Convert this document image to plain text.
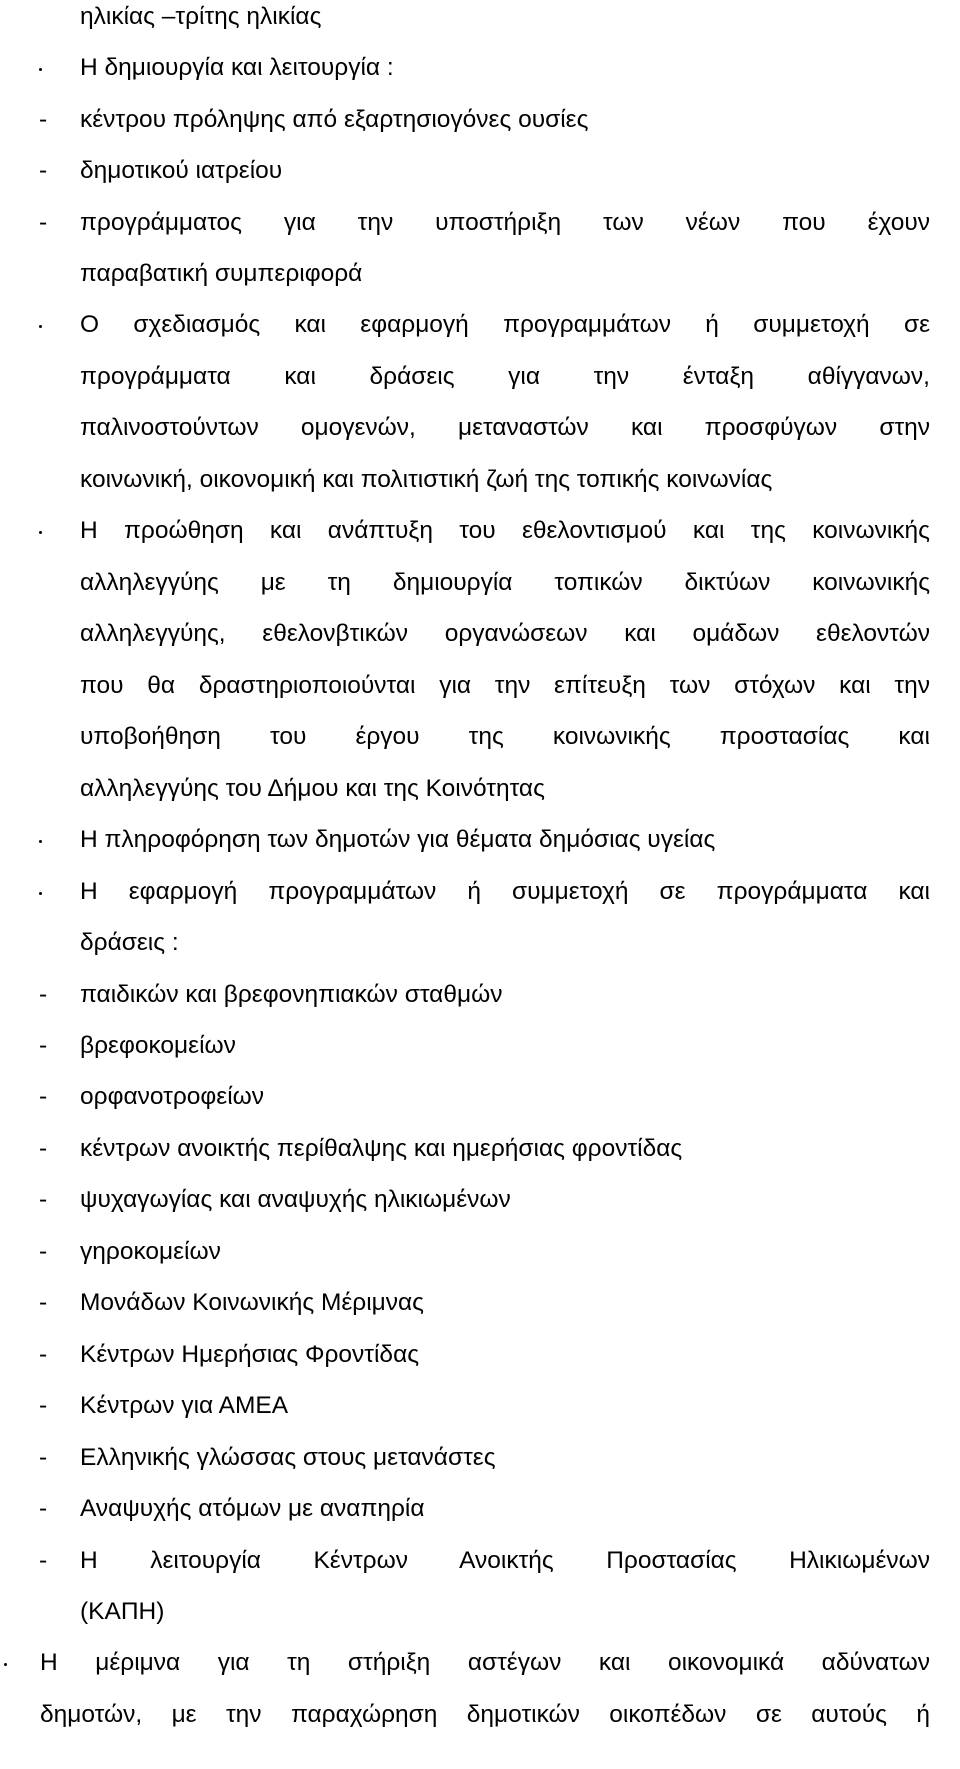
ηλικίας –τρίτης ηλικίας
Η δημιουργία και λειτουργία :
- κέντρου πρόληψης από εξαρτησιογόνες ουσίες
- δημοτικού ιατρείου
- προγράμματος για την υποστήριξη των νέων που έχουν
παραβατική συμπεριφορά
Ο σχεδιασμός και εφαρμογή προγραμμάτων ή συμμετοχή σε
προγράμματα και δράσεις για την ένταξη αθίγγανων,
παλινοστούντων ομογενών, μεταναστών και προσφύγων στην
κοινωνική, οικονομική και πολιτιστική ζωή της τοπικής κοινωνίας
Η προώθηση και ανάπτυξη του εθελοντισμού και της κοινωνικής
αλληλεγγύης με τη δημιουργία τοπικών δικτύων κοινωνικής
αλληλεγγύης, εθελονβτικών οργανώσεων και ομάδων εθελοντών
που θα δραστηριοποιούνται για την επίτευξη των στόχων και την
υποβοήθηση του έργου της κοινωνικής προστασίας και
αλληλεγγύης του Δήμου και της Κοινότητας
Η πληροφόρηση των δημοτών για θέματα δημόσιας υγείας
Η εφαρμογή προγραμμάτων ή συμμετοχή σε προγράμματα και
δράσεις :
- παιδικών και βρεφονηπιακών σταθμών
- βρεφοκομείων
- ορφανοτροφείων
- κέντρων ανοικτής περίθαλψης και ημερήσιας φροντίδας
- ψυχαγωγίας και αναψυχής ηλικιωμένων
- γηροκομείων
- Μονάδων Κοινωνικής Μέριμνας
- Κέντρων Ημερήσιας Φροντίδας
- Κέντρων για ΑΜΕΑ
- Ελληνικής γλώσσας στους μετανάστες
- Αναψυχής ατόμων με αναπηρία
- Η λειτουργία Κέντρων Ανοικτής Προστασίας Ηλικιωμένων
(ΚΑΠΗ)
Η μέριμνα για τη στήριξη αστέγων και οικονομικά αδύνατων
δημοτών, με την παραχώρηση δημοτικών οικοπέδων σε αυτούς ή
